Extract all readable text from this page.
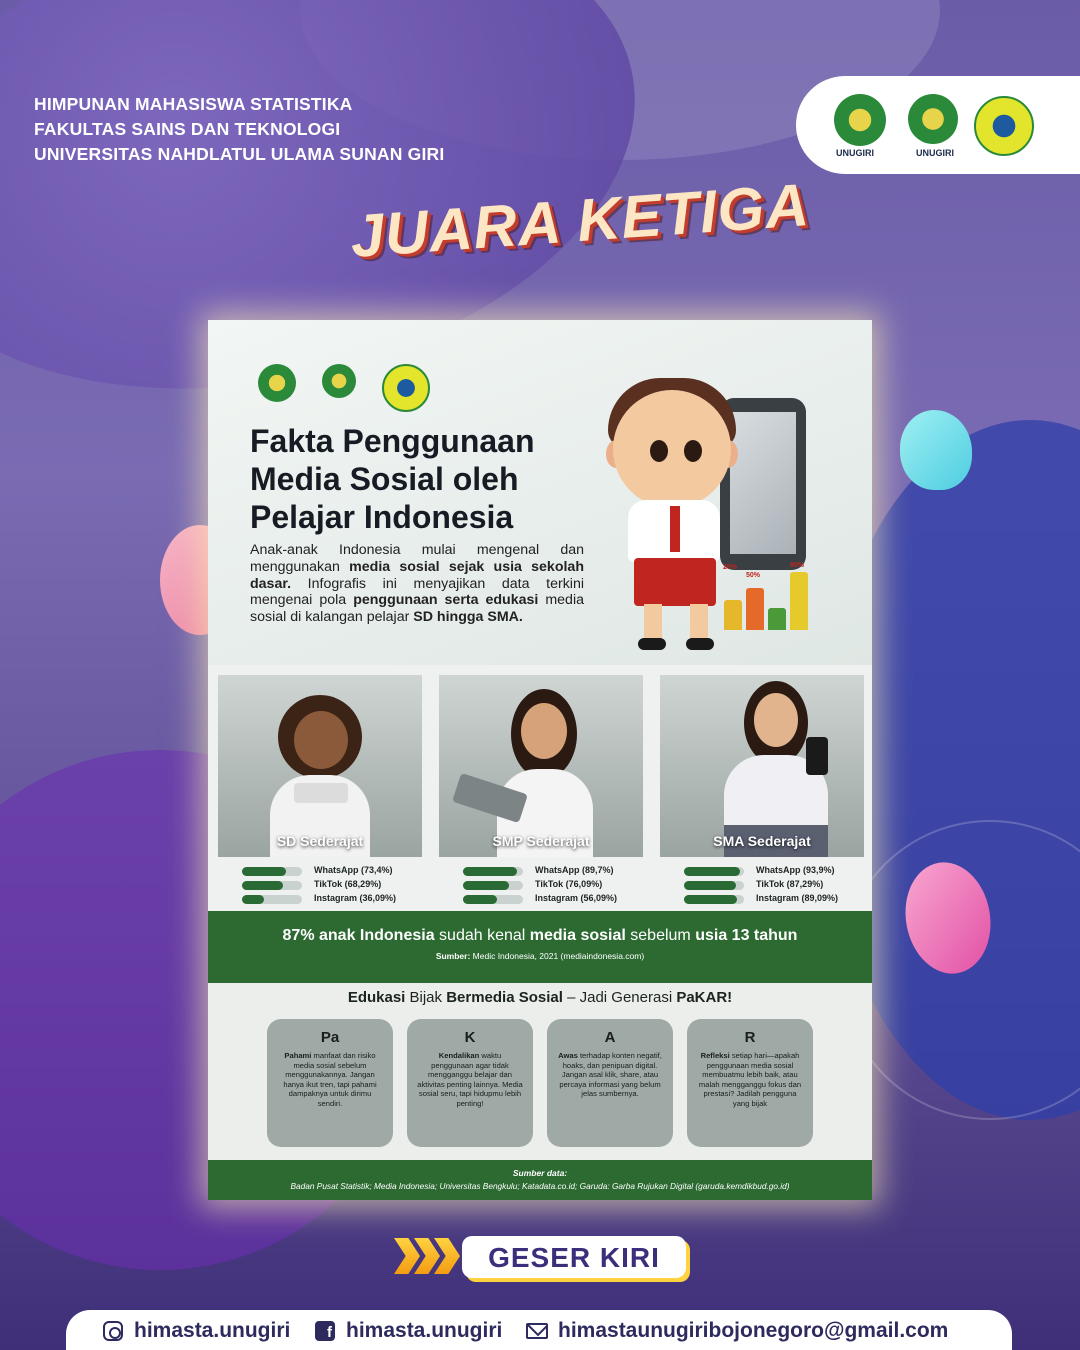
HIMPUNAN MAHASISWA STATISTIKA
FAKULTAS SAINS DAN TEKNOLOGI
UNIVERSITAS NAHDLATUL ULAMA SUNAN GIRI	UNUGIRI	UNUGIRI
JUARA KETIGA
Fakta Penggunaan
Media Sosial oleh
Pelajar Indonesia
Anak-anak Indonesia mulai mengenal dan menggunakan media sosial sejak usia sekolah dasar. Infografis ini menyajikan data terkini mengenai pola penggunaan serta edukasi media sosial di kalangan pelajar SD hingga SMA.
20%
50%
80%
SD Sederajat
WhatsApp (73,4%)
TikTok (68,29%)
Instagram (36,09%)
SMP Sederajat
WhatsApp (89,7%)
TikTok (76,09%)
Instagram (56,09%)
SMA Sederajat
WhatsApp (93,9%)
TikTok (87,29%)
Instagram (89,09%)
87% anak Indonesia sudah kenal media sosial sebelum usia 13 tahun
Sumber: Medic Indonesia, 2021 (mediaindonesia.com)
Edukasi Bijak Bermedia Sosial – Jadi Generasi PaKAR!
Pa
Pahami manfaat dan risiko media sosial sebelum menggunakannya. Jangan hanya ikut tren, tapi pahami dampaknya untuk dirimu sendiri.
K
Kendalikan waktu penggunaan agar tidak mengganggu belajar dan aktivitas penting lainnya. Media sosial seru, tapi hidupmu lebih penting!
A
Awas terhadap konten negatif, hoaks, dan penipuan digital. Jangan asal klik, share, atau percaya informasi yang belum jelas sumbernya.
R
Refleksi setiap hari—apakah penggunaan media sosial membuatmu lebih baik, atau malah mengganggu fokus dan prestasi? Jadilah pengguna yang bijak
Sumber data:
Badan Pusat Statistik; Media Indonesia; Universitas Bengkulu; Katadata.co.id; Garuda: Garba Rujukan Digital (garuda.kemdikbud.go.id)
GESER KIRI
himasta.unugiri	f himasta.unugiri	himastaunugiribojonegoro@gmail.com
